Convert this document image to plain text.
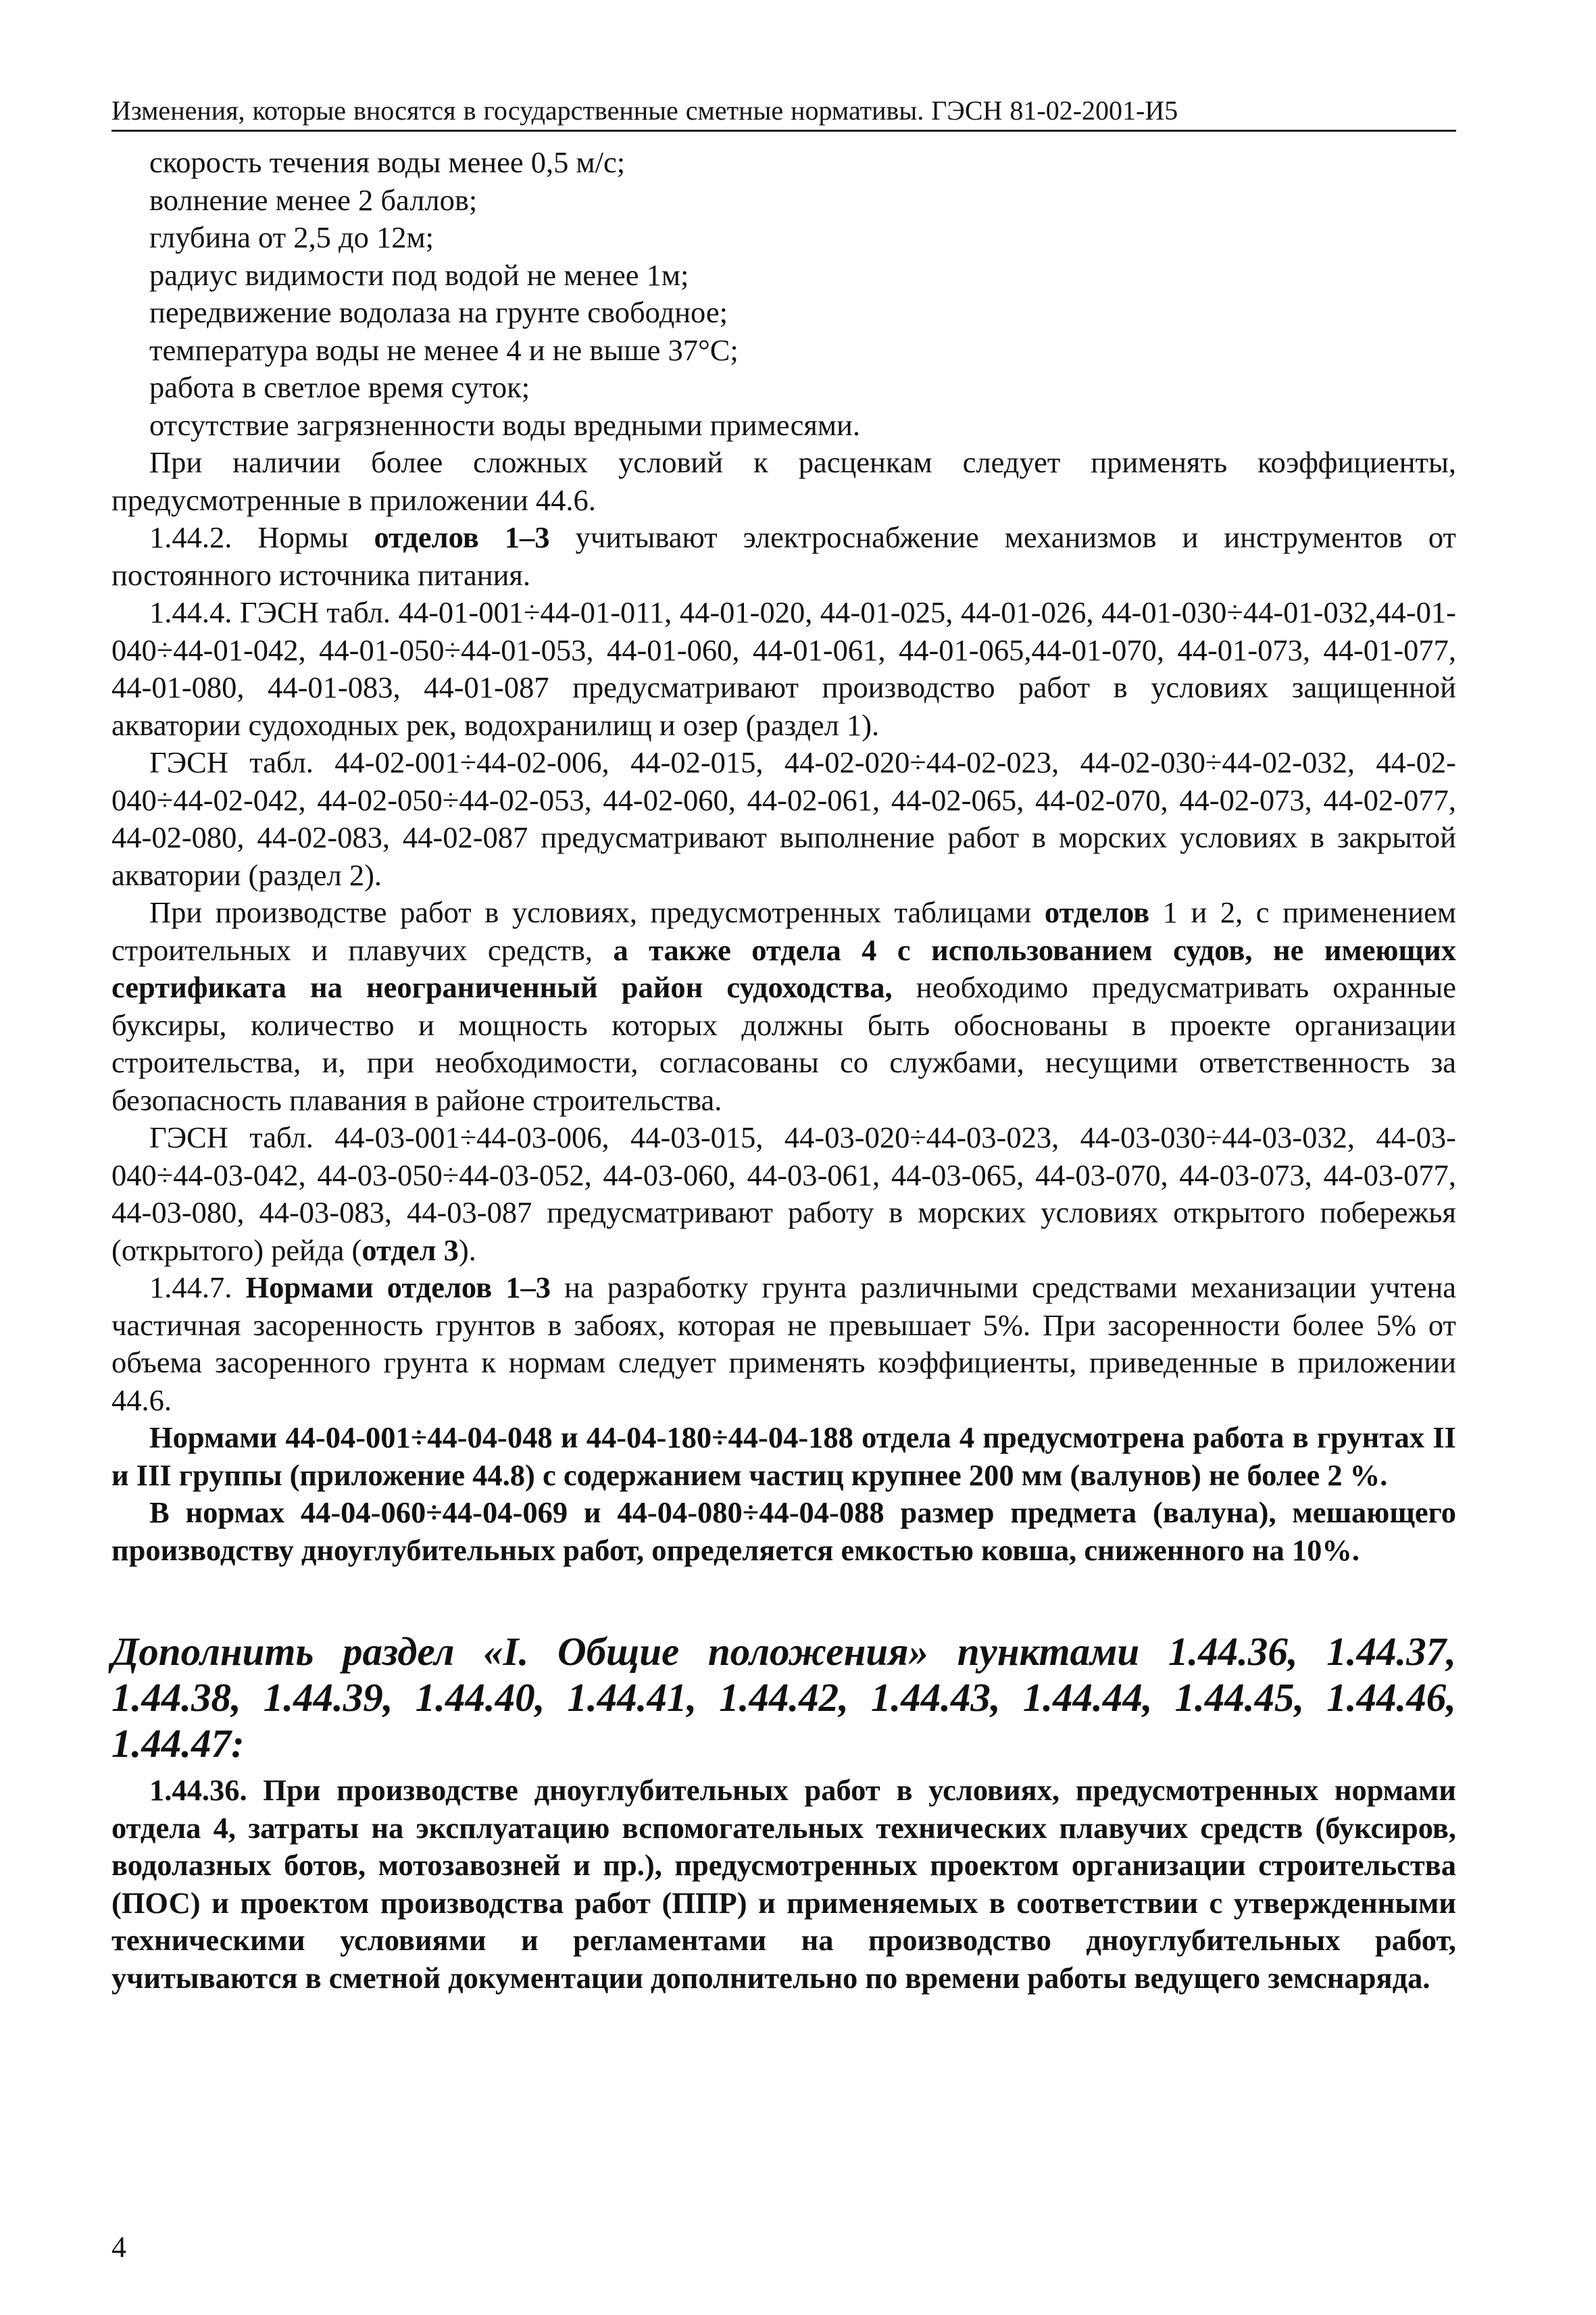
Изменения, которые вносятся в государственные сметные нормативы. ГЭСН 81-02-2001-И5

скорость течения воды менее 0,5 м/с;

волнение менее 2 баллов;

глубина от 2,5 до 12м;

радиус видимости под водой не менее 1м;

передвижение водолаза на грунте свободное;

температура воды не менее 4 и не выше 37°C;

работа в светлое время суток;

отсутствие загрязненности воды вредными примесями.

При наличии более сложных условий к расценкам следует применять коэффициенты, предусмотренные в приложении 44.6.

1.44.2. Нормы отделов 1–3 учитывают электроснабжение механизмов и инструментов от постоянного источника питания.

1.44.4. ГЭСН табл. 44-01-001÷44-01-011, 44-01-020, 44-01-025, 44-01-026, 44-01-030÷44-01-032,44-01-040÷44-01-042, 44-01-050÷44-01-053, 44-01-060, 44-01-061, 44-01-065,44-01-070, 44-01-073, 44-01-077, 44-01-080, 44-01-083, 44-01-087 предусматривают производство работ в условиях защищенной акватории судоходных рек, водохранилищ и озер (раздел 1).

ГЭСН табл. 44-02-001÷44-02-006, 44-02-015, 44-02-020÷44-02-023, 44-02-030÷44-02-032, 44-02-040÷44-02-042, 44-02-050÷44-02-053, 44-02-060, 44-02-061, 44-02-065, 44-02-070, 44-02-073, 44-02-077, 44-02-080, 44-02-083, 44-02-087 предусматривают выполнение работ в морских условиях в закрытой акватории (раздел 2).

При производстве работ в условиях, предусмотренных таблицами отделов 1 и 2, с применением строительных и плавучих средств, а также отдела 4 с использованием судов, не имеющих сертификата на неограниченный район судоходства, необходимо предусматривать охранные буксиры, количество и мощность которых должны быть обоснованы в проекте организации строительства, и, при необходимости, согласованы со службами, несущими ответственность за безопасность плавания в районе строительства.

ГЭСН табл. 44-03-001÷44-03-006, 44-03-015, 44-03-020÷44-03-023, 44-03-030÷44-03-032, 44-03-040÷44-03-042, 44-03-050÷44-03-052, 44-03-060, 44-03-061, 44-03-065, 44-03-070, 44-03-073, 44-03-077, 44-03-080, 44-03-083, 44-03-087 предусматривают работу в морских условиях открытого побережья (открытого) рейда (отдел 3).

1.44.7. Нормами отделов 1–3 на разработку грунта различными средствами механизации учтена частичная засоренность грунтов в забоях, которая не превышает 5%. При засоренности более 5% от объема засоренного грунта к нормам следует применять коэффициенты, приведенные в приложении 44.6.

Нормами 44-04-001÷44-04-048 и 44-04-180÷44-04-188 отдела 4 предусмотрена работа в грунтах II и III группы (приложение 44.8) с содержанием частиц крупнее 200 мм (валунов) не более 2 %.

В нормах 44-04-060÷44-04-069 и 44-04-080÷44-04-088 размер предмета (валуна), мешающего производству дноуглубительных работ, определяется емкостью ковша, сниженного на 10%.

Дополнить раздел «I. Общие положения» пунктами 1.44.36, 1.44.37, 1.44.38, 1.44.39, 1.44.40, 1.44.41, 1.44.42, 1.44.43, 1.44.44, 1.44.45, 1.44.46, 1.44.47:

1.44.36. При производстве дноуглубительных работ в условиях, предусмотренных нормами отдела 4, затраты на эксплуатацию вспомогательных технических плавучих средств (буксиров, водолазных ботов, мотозавозней и пр.), предусмотренных проектом организации строительства (ПОС) и проектом производства работ (ППР) и применяемых в соответствии с утвержденными техническими условиями и регламентами на производство дноуглубительных работ, учитываются в сметной документации дополнительно по времени работы ведущего земснаряда.

4
